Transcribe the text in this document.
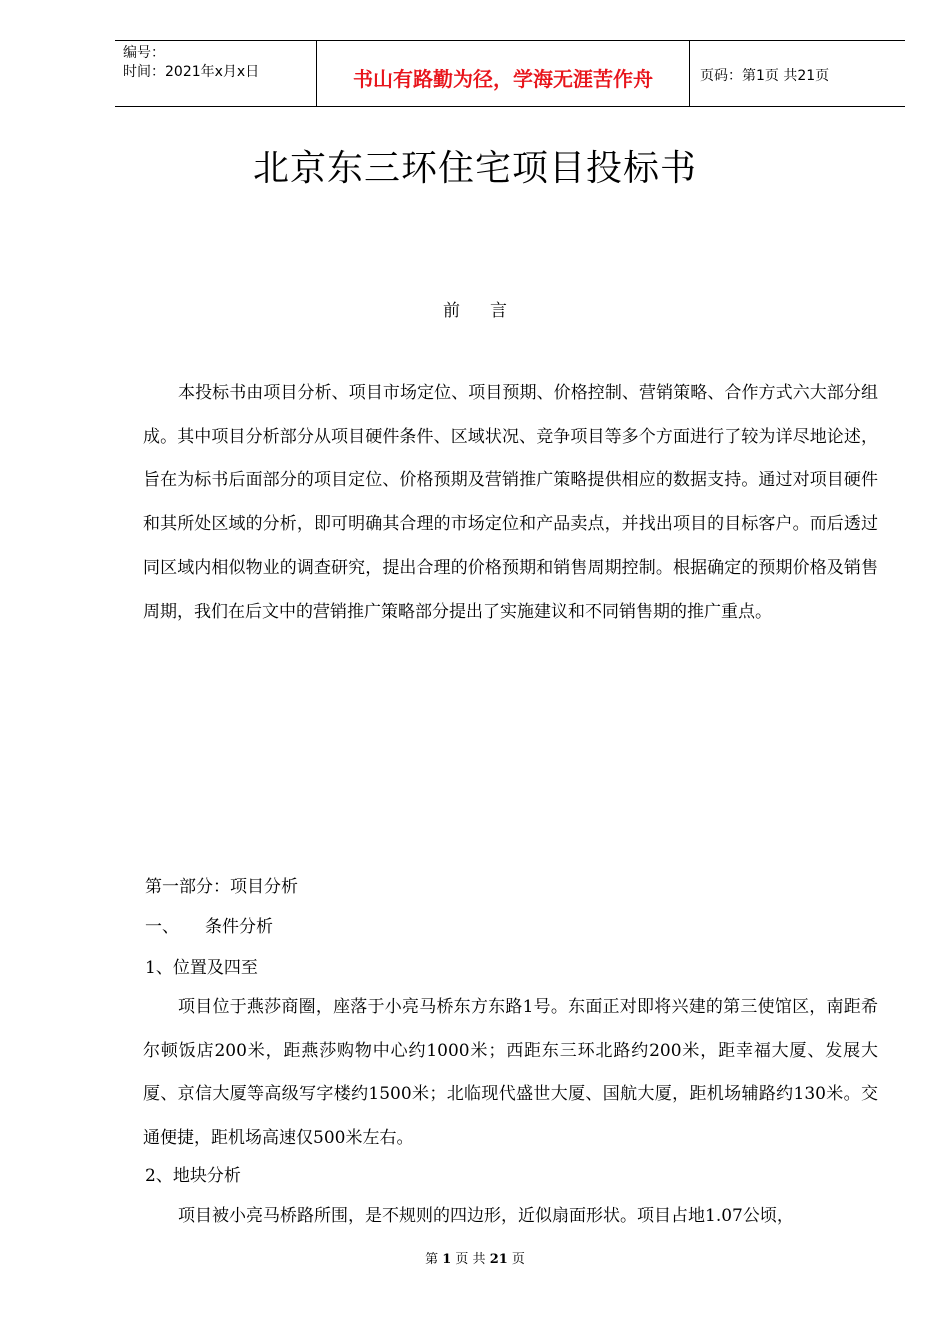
编号：
时间：2021年x月x日	书山有路勤为径，学海无涯苦作舟	页码：第1页 共21页
北京东三环住宅项目投标书
前言

本投标书由项目分析、项目市场定位、项目预期、价格控制、营销策略、合作方式六大部分组成。其中项目分析部分从项目硬件条件、区域状况、竞争项目等多个方面进行了较为详尽地论述，旨在为标书后面部分的项目定位、价格预期及营销推广策略提供相应的数据支持。通过对项目硬件和其所处区域的分析，即可明确其合理的市场定位和产品卖点，并找出项目的目标客户。而后透过同区域内相似物业的调查研究，提出合理的价格预期和销售周期控制。根据确定的预期价格及销售周期，我们在后文中的营销推广策略部分提出了实施建议和不同销售期的推广重点。

第一部分：项目分析

一、 条件分析

1、位置及四至

项目位于燕莎商圈，座落于小亮马桥东方东路1号。东面正对即将兴建的第三使馆区，南距希尔顿饭店200米，距燕莎购物中心约1000米；西距东三环北路约200米，距幸福大厦、发展大厦、京信大厦等高级写字楼约1500米；北临现代盛世大厦、国航大厦，距机场辅路约130米。交通便捷，距机场高速仅500米左右。

2、地块分析

项目被小亮马桥路所围，是不规则的四边形，近似扇面形状。项目占地1.07公顷，

第 1 页 共 21 页
